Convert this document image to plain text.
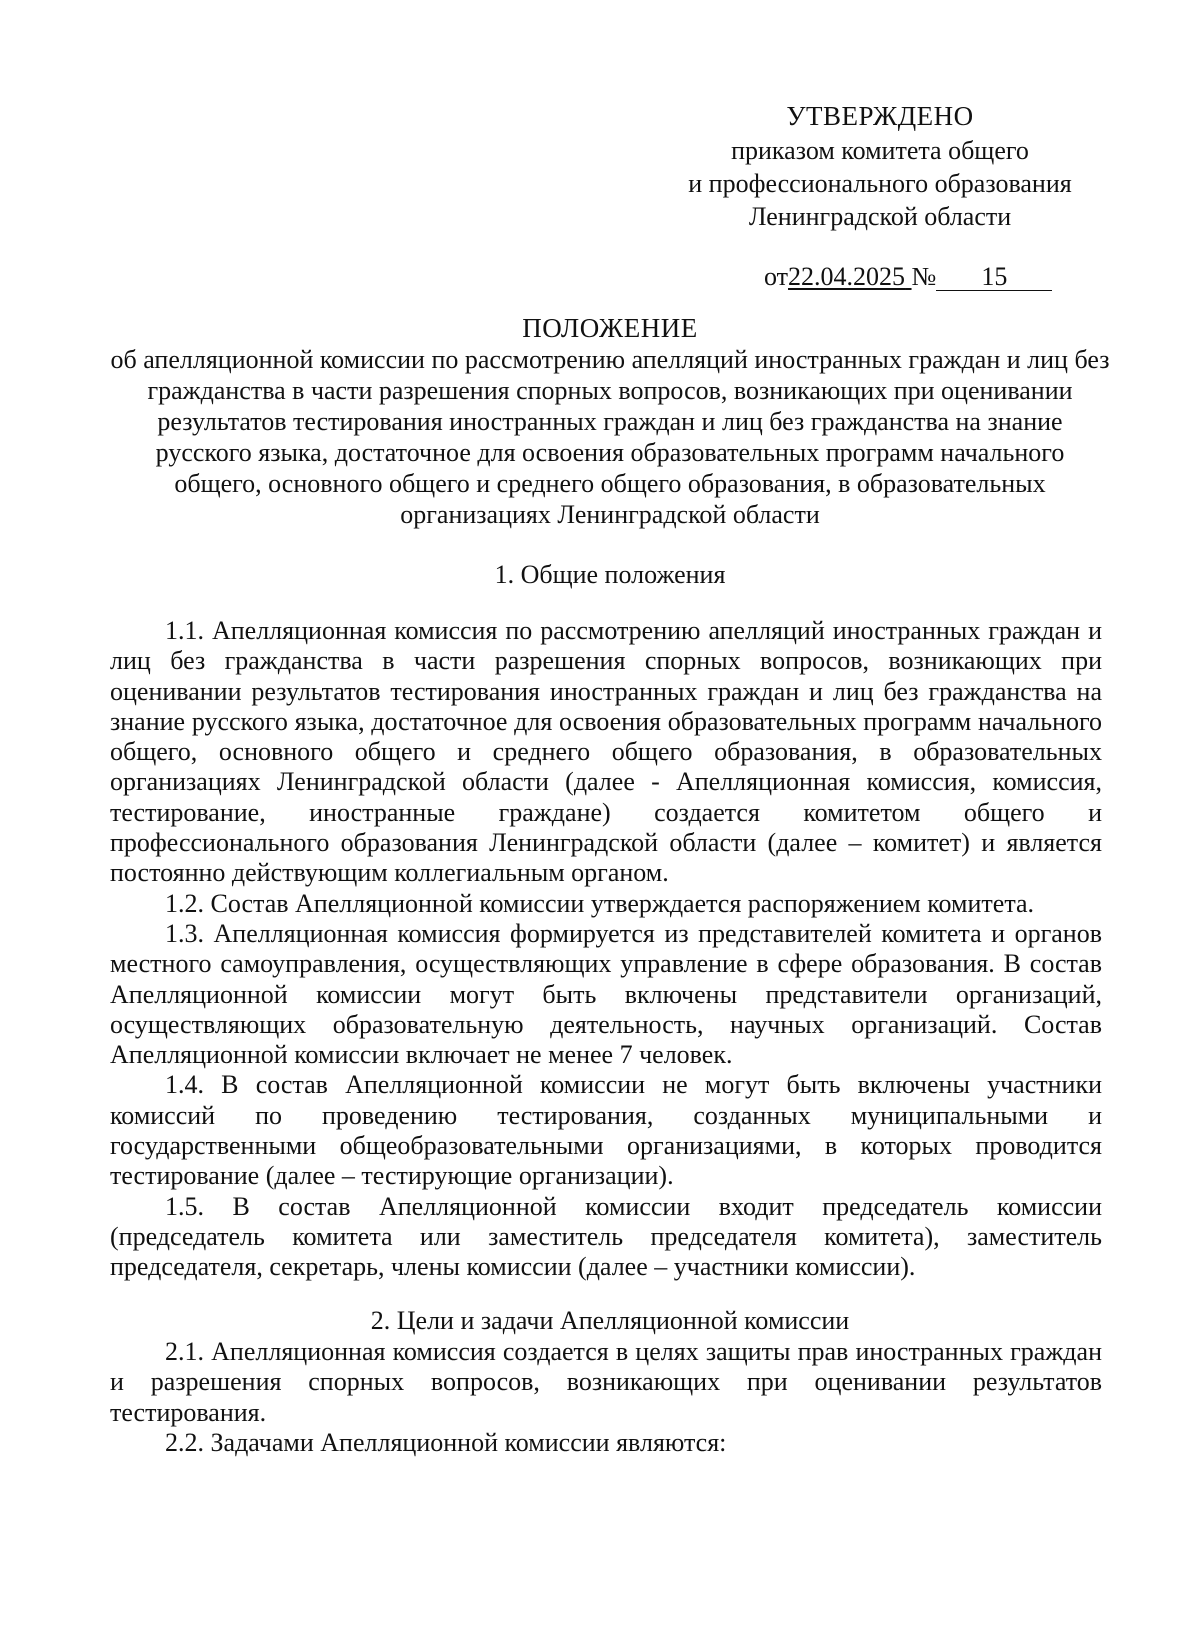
УТВЕРЖДЕНО
приказом комитета общего
и профессионального образования
Ленинградской области
от22.04.2025 № 15
ПОЛОЖЕНИЕ
об апелляционной комиссии по рассмотрению апелляций иностранных граждан и лиц без гражданства в части разрешения спорных вопросов, возникающих при оценивании результатов тестирования иностранных граждан и лиц без гражданства на знание русского языка, достаточное для освоения образовательных программ начального общего, основного общего и среднего общего образования, в образовательных организациях Ленинградской области
1. Общие положения

1.1. Апелляционная комиссия по рассмотрению апелляций иностранных граждан и лиц без гражданства в части разрешения спорных вопросов, возникающих при оценивании результатов тестирования иностранных граждан и лиц без гражданства на знание русского языка, достаточное для освоения образовательных программ начального общего, основного общего и среднего общего образования, в образовательных организациях Ленинградской области (далее - Апелляционная комиссия, комиссия, тестирование, иностранные граждане) создается комитетом общего и профессионального образования Ленинградской области (далее – комитет) и является постоянно действующим коллегиальным органом.

1.2. Состав Апелляционной комиссии утверждается распоряжением комитета.

1.3. Апелляционная комиссия формируется из представителей комитета и органов местного самоуправления, осуществляющих управление в сфере образования. В состав Апелляционной комиссии могут быть включены представители организаций, осуществляющих образовательную деятельность, научных организаций. Состав Апелляционной комиссии включает не менее 7 человек.

1.4. В состав Апелляционной комиссии не могут быть включены участники комиссий по проведению тестирования, созданных муниципальными и государственными общеобразовательными организациями, в которых проводится тестирование (далее – тестирующие организации).

1.5. В состав Апелляционной комиссии входит председатель комиссии (председатель комитета или заместитель председателя комитета), заместитель председателя, секретарь, члены комиссии (далее – участники комиссии).

2. Цели и задачи Апелляционной комиссии

2.1. Апелляционная комиссия создается в целях защиты прав иностранных граждан и разрешения спорных вопросов, возникающих при оценивании результатов тестирования.

2.2. Задачами Апелляционной комиссии являются:
